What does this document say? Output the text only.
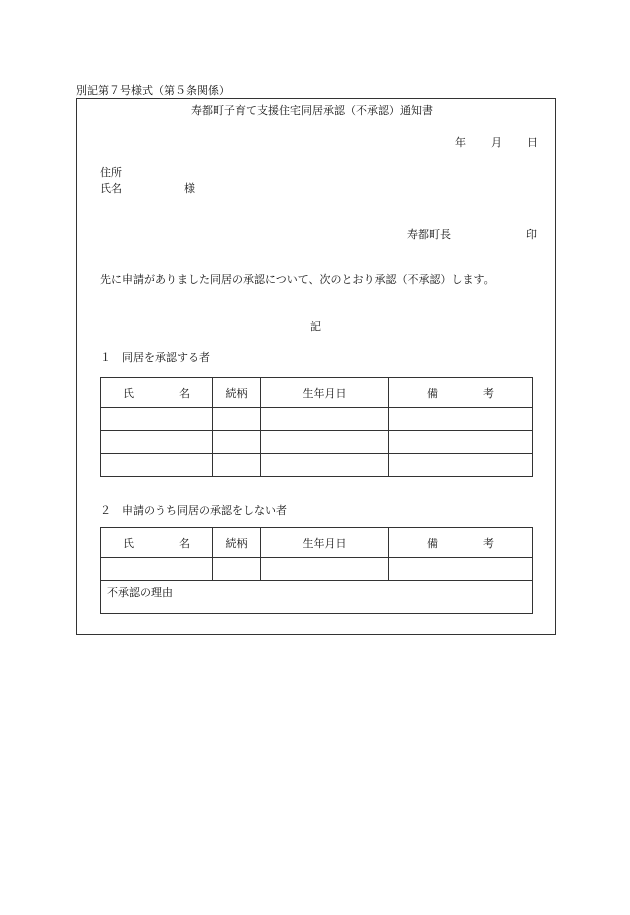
別記第７号様式（第５条関係）
寿都町子育て支援住宅同居承認（不承認）通知書
年 月 日
住所
氏名	様
寿都町長	印
先に申請がありました同居の承認について、次のとおり承認（不承認）します。
記
１　同居を承認する者
氏 名	続柄	生年月日	備 考

２　申請のうち同居の承認をしない者
氏 名	続柄	生年月日	備 考

不承認の理由			
